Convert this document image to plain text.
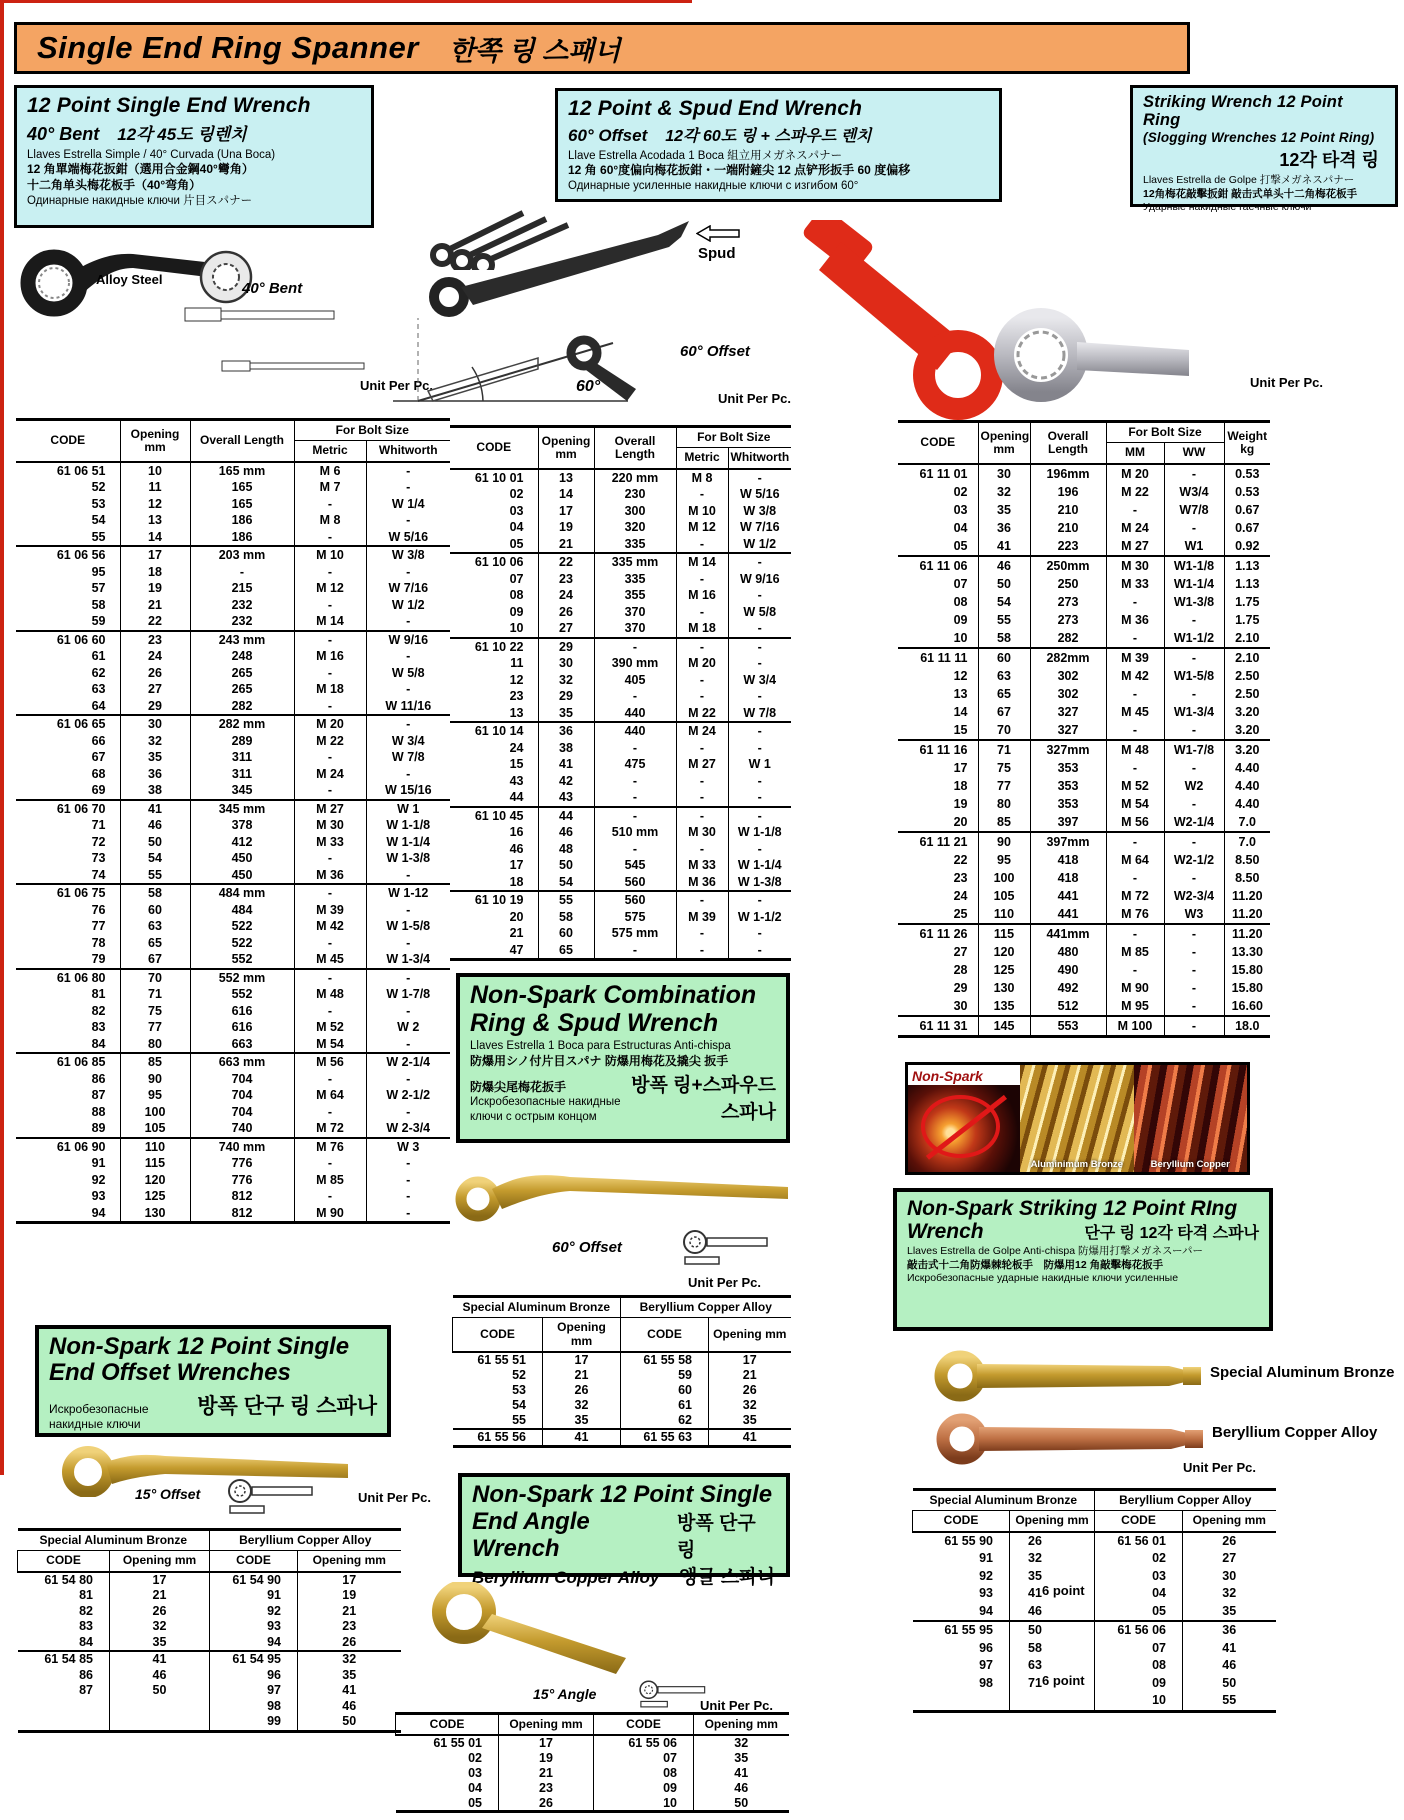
Single End Ring Spanner 한쪽 링 스패너
12 Point Single End Wrench
40° Bent 12각 45도 링렌치
Llaves Estrella Simple / 40° Curvada (Una Boca)
12 角單端梅花扳鉗（選用合金鋼40°彎角）
十二角单头梅花板手（40°弯角）
Одинарные накидные ключи 片目スパナー
Alloy Steel
40° Bent
Unit Per Pc.
CODE	Opening mm	Overall Length	For Bolt Size	
			Metric	Whitworth
61 06 51	10	165 mm	M 6	-
52	11	165	M 7	-
53	12	165	-	W 1/4
54	13	186	M 8	-
55	14	186	-	W 5/16
61 06 56	17	203 mm	M 10	W 3/8
95	18	-	-	-
57	19	215	M 12	W 7/16
58	21	232	-	W 1/2
59	22	232	M 14	-
61 06 60	23	243 mm	-	W 9/16
61	24	248	M 16	-
62	26	265	-	W 5/8
63	27	265	M 18	-
64	29	282	-	W 11/16
61 06 65	30	282 mm	M 20	-
66	32	289	M 22	W 3/4
67	35	311	-	W 7/8
68	36	311	M 24	-
69	38	345	-	W 15/16
61 06 70	41	345 mm	M 27	W 1
71	46	378	M 30	W 1-1/8
72	50	412	M 33	W 1-1/4
73	54	450	-	W 1-3/8
74	55	450	M 36	-
61 06 75	58	484 mm	-	W 1-12
76	60	484	M 39	-
77	63	522	M 42	W 1-5/8
78	65	522	-	-
79	67	552	M 45	W 1-3/4
61 06 80	70	552 mm	-	-
81	71	552	M 48	W 1-7/8
82	75	616	-	-
83	77	616	M 52	W 2
84	80	663	M 54	-
61 06 85	85	663 mm	M 56	W 2-1/4
86	90	704	-	-
87	95	704	M 64	W 2-1/2
88	100	704	-	-
89	105	740	M 72	W 2-3/4
61 06 90	110	740 mm	M 76	W 3
91	115	776	-	-
92	120	776	M 85	-
93	125	812	-	-
94	130	812	M 90	-
12 Point & Spud End Wrench
60° Offset 12각 60도 링 + 스파우드 렌치
Llave Estrella Acodada 1 Boca 組立用メガネスパナー
12 角 60°度偏向梅花扳鉗・一端附鏟尖 12 点铲形扳手 60 度偏移
Одинарные усиленные накидные ключи с изгибом 60°
Spud
60°
60° Offset
Unit Per Pc.
CODE	Opening mm	Overall Length	For Bolt Size	
			Metric	Whitworth
61 10 01	13	220 mm	M 8	-
02	14	230	-	W 5/16
03	17	300	M 10	W 3/8
04	19	320	M 12	W 7/16
05	21	335	-	W 1/2
61 10 06	22	335 mm	M 14	-
07	23	335	-	W 9/16
08	24	355	M 16	-
09	26	370	-	W 5/8
10	27	370	M 18	-
61 10 22	29	-	-	-
11	30	390 mm	M 20	-
12	32	405	-	W 3/4
23	29	-	-	-
13	35	440	M 22	W 7/8
61 10 14	36	440	M 24	-
24	38	-	-	-
15	41	475	M 27	W 1
43	42	-	-	-
44	43	-	-	-
61 10 45	44	-	-	-
16	46	510 mm	M 30	W 1-1/8
46	48	-	-	-
17	50	545	M 33	W 1-1/4
18	54	560	M 36	W 1-3/8
61 10 19	55	560	-	-
20	58	575	M 39	W 1-1/2
21	60	575 mm	-	-
47	65	-	-	-
Striking Wrench 12 Point Ring
(Slogging Wrenches 12 Point Ring)
12각 타격 링
Llaves Estrella de Golpe 打撃メガネスパナー
12角梅花敲擊扳鉗 敲击式单头十二角梅花板手
Ударные накидные гаечные ключи
Unit Per Pc.
CODE	Opening mm	Overall Length	For Bolt Size		Weight kg
			MM	WW	
61 11 01	30	196mm	M 20	-	0.53
02	32	196	M 22	W3/4	0.53
03	35	210	-	W7/8	0.67
04	36	210	M 24	-	0.67
05	41	223	M 27	W1	0.92
61 11 06	46	250mm	M 30	W1-1/8	1.13
07	50	250	M 33	W1-1/4	1.13
08	54	273	-	W1-3/8	1.75
09	55	273	M 36	-	1.75
10	58	282	-	W1-1/2	2.10
61 11 11	60	282mm	M 39	-	2.10
12	63	302	M 42	W1-5/8	2.50
13	65	302	-	-	2.50
14	67	327	M 45	W1-3/4	3.20
15	70	327	-	-	3.20
61 11 16	71	327mm	M 48	W1-7/8	3.20
17	75	353	-	-	4.40
18	77	353	M 52	W2	4.40
19	80	353	M 54	-	4.40
20	85	397	M 56	W2-1/4	7.0
61 11 21	90	397mm	-	-	7.0
22	95	418	M 64	W2-1/2	8.50
23	100	418	-	-	8.50
24	105	441	M 72	W2-3/4	11.20
25	110	441	M 76	W3	11.20
61 11 26	115	441mm	-	-	11.20
27	120	480	M 85	-	13.30
28	125	490	-	-	15.80
29	130	492	M 90	-	15.80
30	135	512	M 95	-	16.60
61 11 31	145	553	M 100	-	18.0
Non-Spark Combination
Ring & Spud Wrench
Llaves Estrella 1 Boca para Estructuras Anti-chispa
防爆用シノ付片目スパナ 防爆用梅花及撬尖 扳手
防爆尖尾梅花扳手
Искробезопасные накидные
ключи с острым концом
방폭 링+스파우드
스파나
60° Offset
Unit Per Pc.
Special Aluminum Bronze		Beryllium Copper Alloy	
CODE	Opening mm	CODE	Opening mm
61 55 51	17	61 55 58	17
52	21	59	21
53	26	60	26
54	32	61	32
55	35	62	35
61 55 56	41	61 55 63	41
Non-Spark
Aluminimum Bronze	Beryllium Copper
Non-Spark 12 Point Single
End Offset Wrenches
Искробезопасные
накидные ключи
방폭 단구 링 스파나
15° Offset	Unit Per Pc.
Special Aluminum Bronze		Beryllium Copper Alloy	
CODE	Opening mm	CODE	Opening mm
61 54 80	17	61 54 90	17
81	21	91	19
82	26	92	21
83	32	93	23
84	35	94	26
61 54 85	41	61 54 95	32
86	46	96	35
87	50	97	41
		98	46
		99	50
Non-Spark 12 Point Single
End Angle Wrench
방폭 단구 링
Beryllium Copper Alloy 앵글 스파나
15° Angle
Unit Per Pc.
CODE	Opening mm	CODE	Opening mm
61 55 01	17	61 55 06	32
02	19	07	35
03	21	08	41
04	23	09	46
05	26	10	50
Non-Spark Striking 12 Point RIng
Wrench	단구 링 12각 타격 스파나
Llaves Estrella de Golpe Anti-chispa 防爆用打撃メガネスーパー
敲击式十二角防爆棘轮板手　防爆用12 角敲擊梅花扳手
Искробезопасные ударные накидные ключи усиленные
Special Aluminum Bronze
Beryllium Copper Alloy
Unit Per Pc.
Special Aluminum Bronze		Beryllium Copper Alloy	
CODE	Opening mm	CODE	Opening mm
61 55 90	26	61 56 01	26
91	32	02	27
92	35	03	30
93	41	04	32
94	46	05	35
61 55 95	50	61 56 06	36
96	58	07	41
97	63	08	46
98	71	09	50
		10	55
6 point
6 point
